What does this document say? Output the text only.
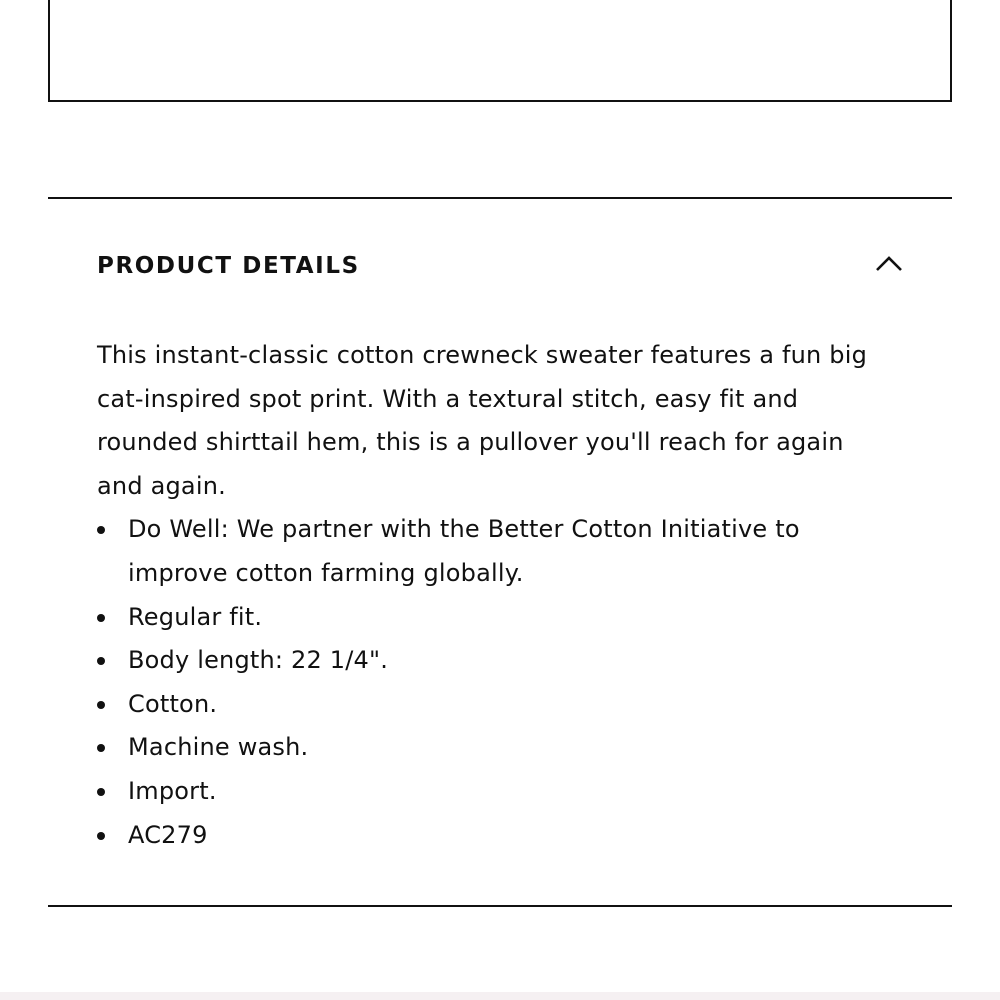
PRODUCT DETAILS

This instant-classic cotton crewneck sweater features a fun big cat-inspired spot print. With a textural stitch, easy fit and rounded shirttail hem, this is a pullover you'll reach for again and again.

Do Well: We partner with the Better Cotton Initiative to improve cotton farming globally.
Regular fit.
Body length: 22 1/4".
Cotton.
Machine wash.
Import.
AC279
